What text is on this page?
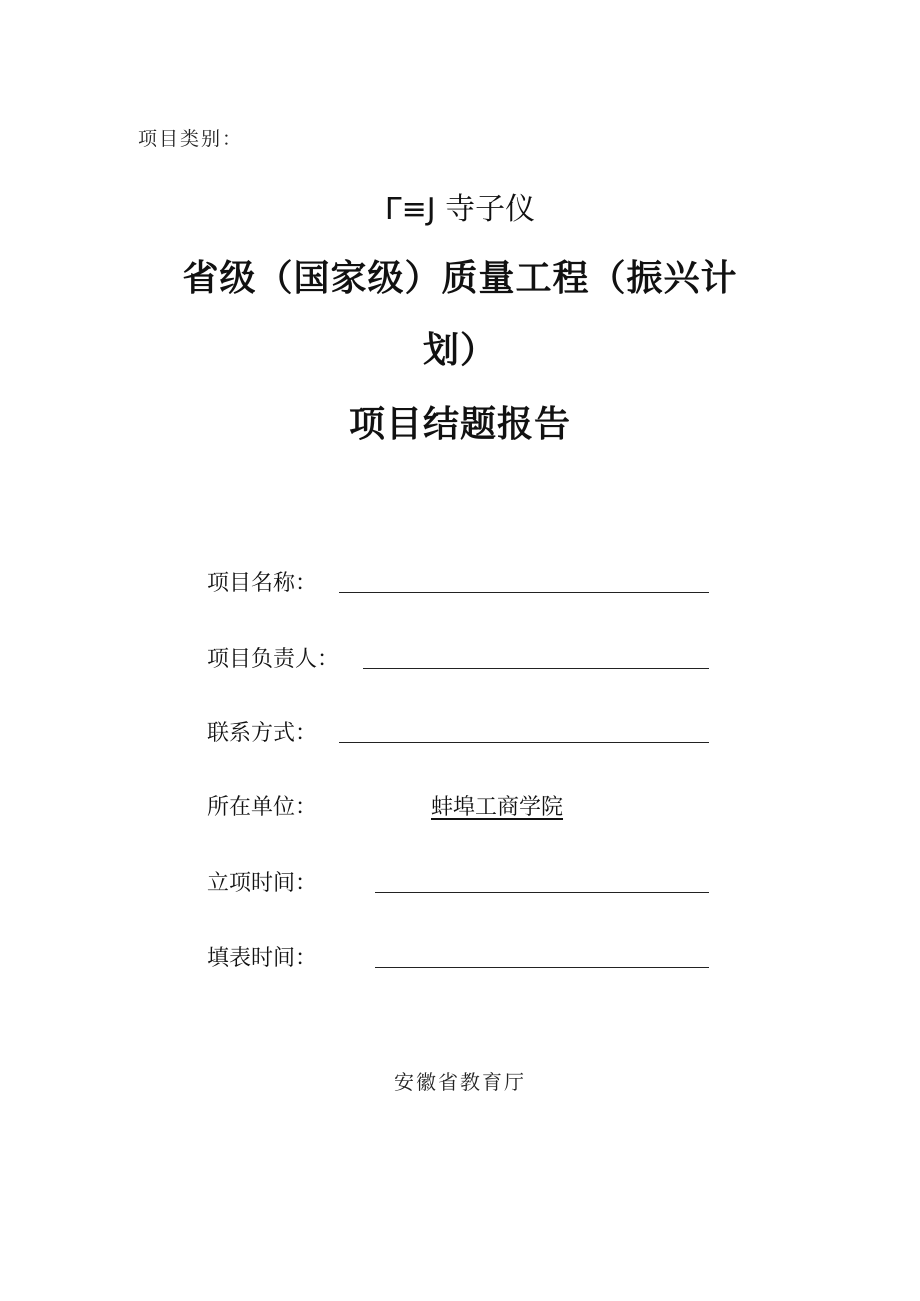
项目类别：
Γ≡J 寺子仪
省级（国家级）质量工程（振兴计
划）
项目结题报告
项目名称：
项目负责人：
联系方式：
所在单位：	蚌埠工商学院
立项时间：
填表时间：
安徽省教育厅
